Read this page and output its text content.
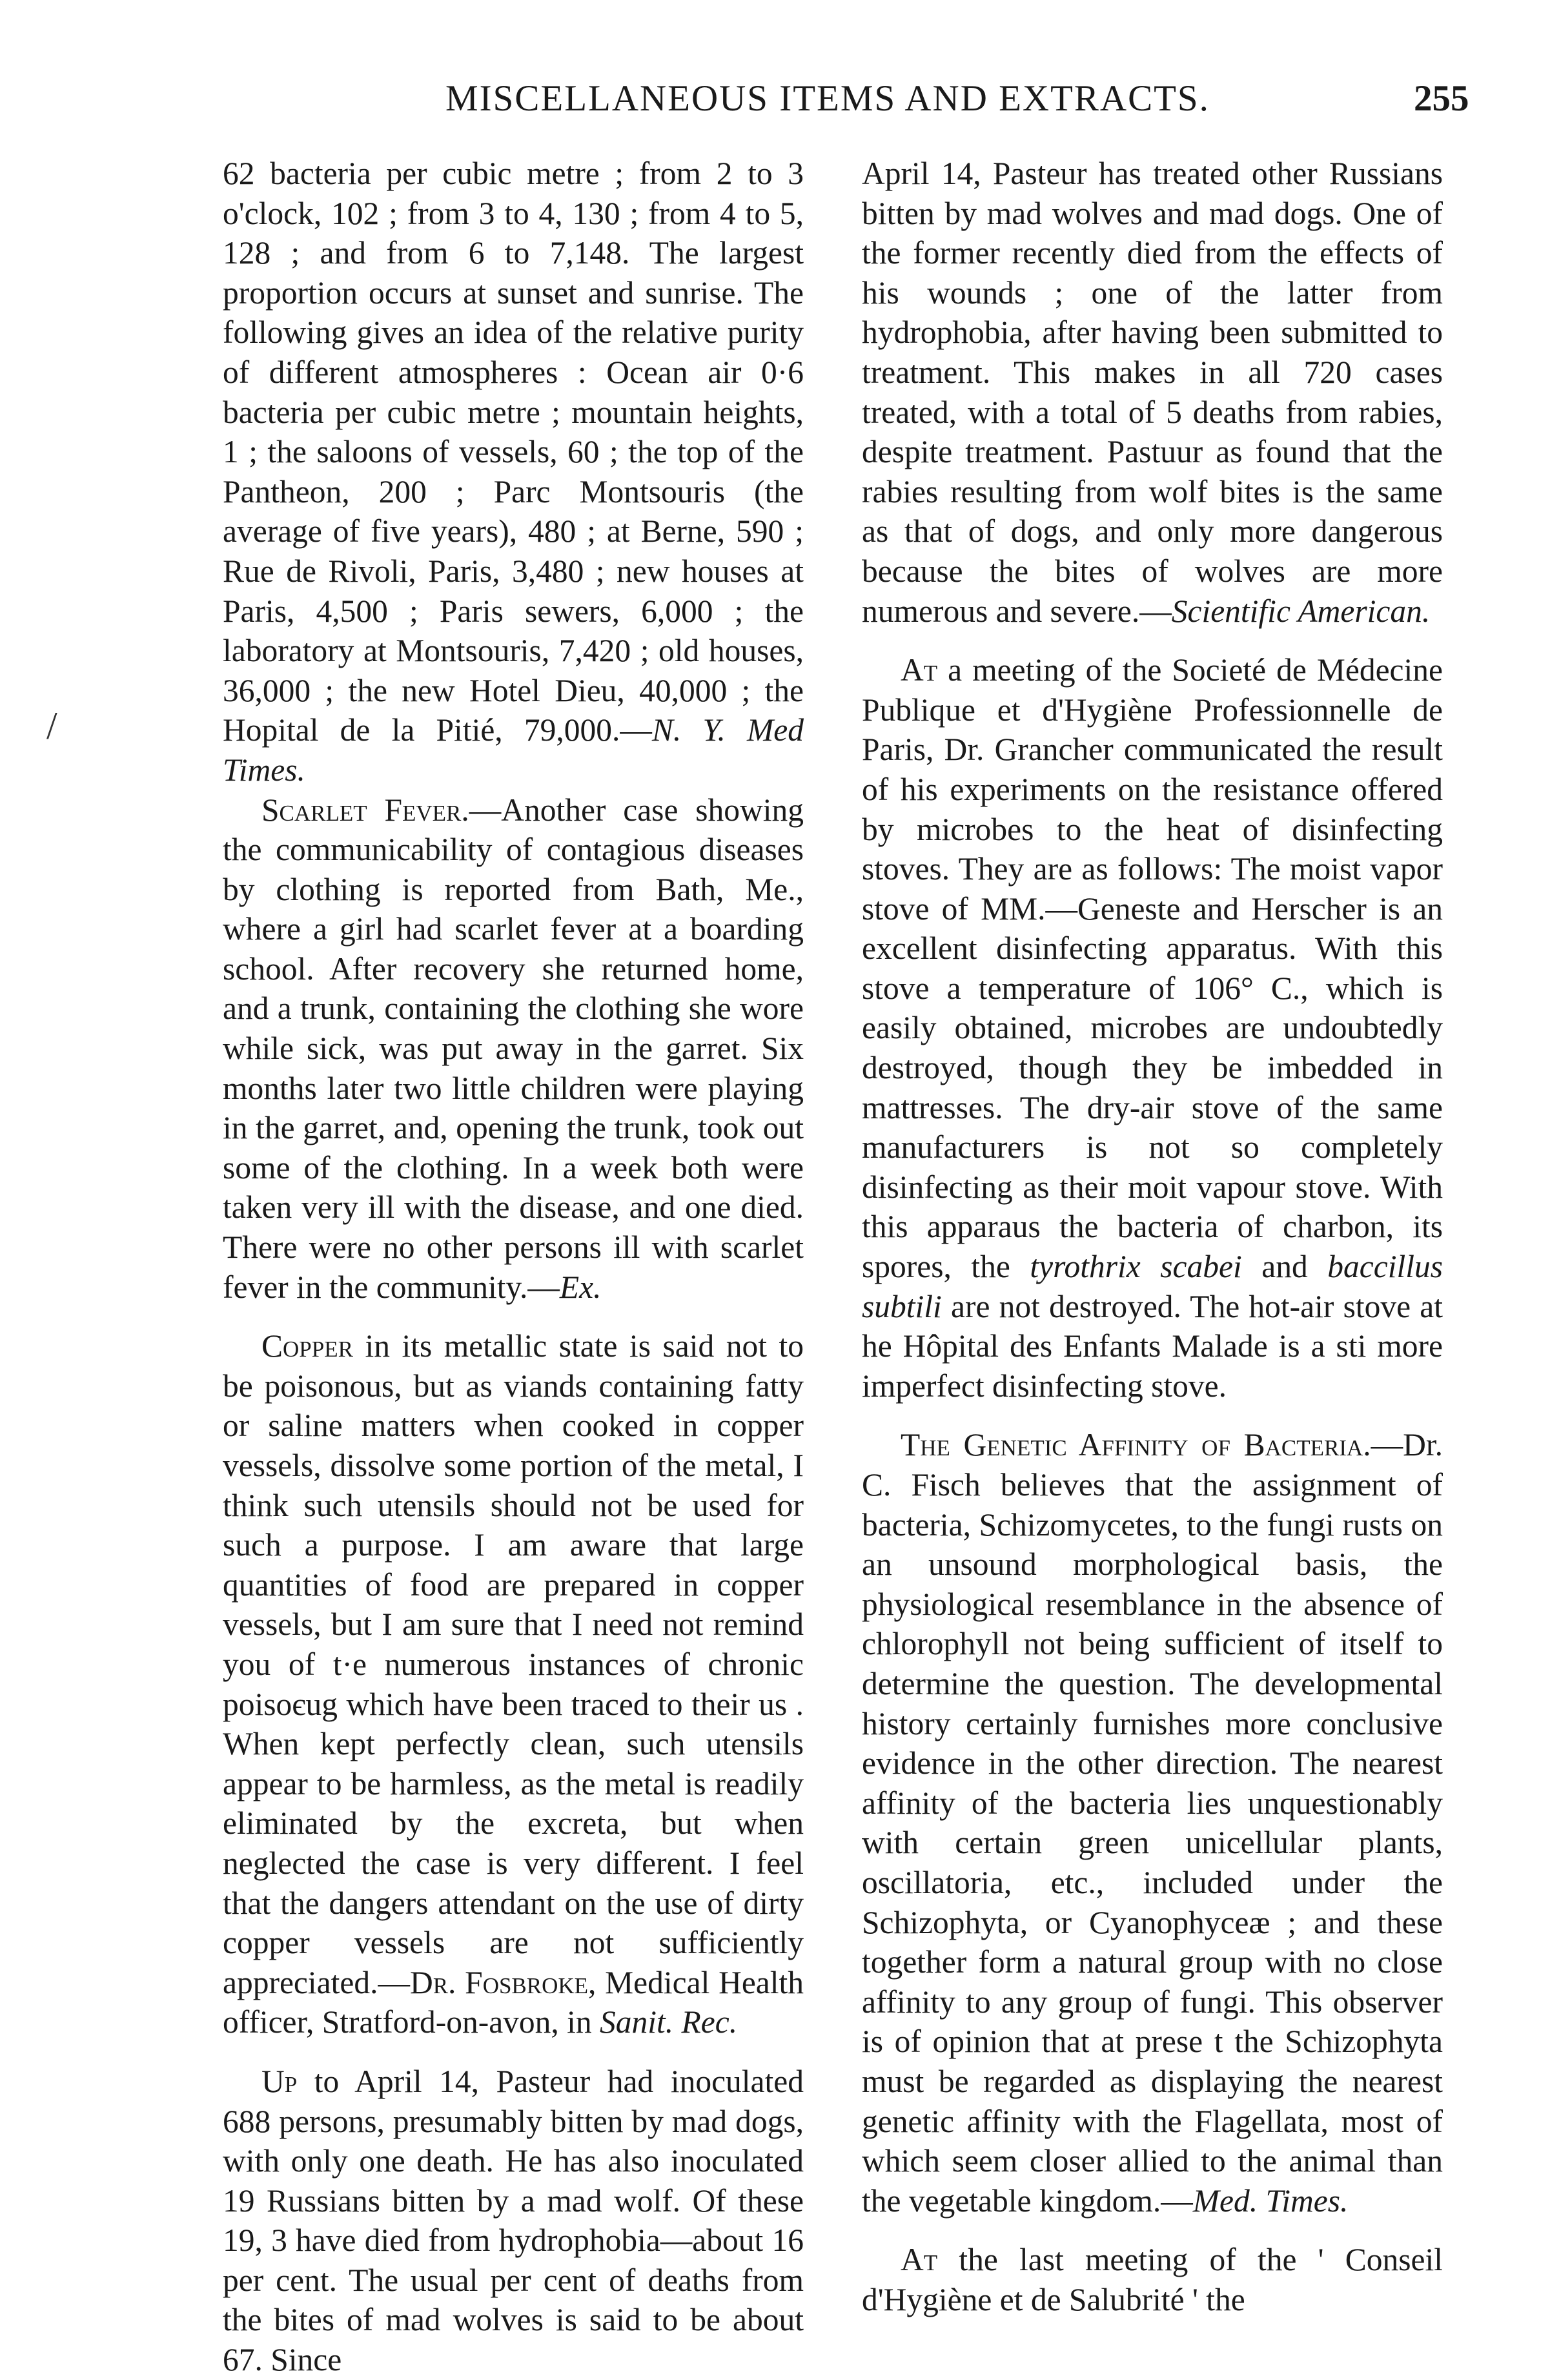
MISCELLANEOUS ITEMS AND EXTRACTS.	255
/

62 bacteria per cubic metre ; from 2 to 3 o'clock, 102 ; from 3 to 4, 130 ; from 4 to 5, 128 ; and from 6 to 7,148. The largest proportion occurs at sunset and sunrise. The following gives an idea of the relative purity of different atmospheres : Ocean air 0·6 bacteria per cubic metre ; mountain heights, 1 ; the saloons of vessels, 60 ; the top of the Pantheon, 200 ; Parc Montsouris (the average of five years), 480 ; at Berne, 590 ; Rue de Rivoli, Paris, 3,480 ; new houses at Paris, 4,500 ; Paris sewers, 6,000 ; the laboratory at Montsouris, 7,420 ; old houses, 36,000 ; the new Hotel Dieu, 40,000 ; the Hopital de la Pitié, 79,000.—N. Y. Med Times.

Scarlet Fever.—Another case showing the communicability of contagious diseases by clothing is reported from Bath, Me., where a girl had scarlet fever at a boarding school. After recovery she returned home, and a trunk, containing the clothing she wore while sick, was put away in the garret. Six months later two little children were playing in the garret, and, opening the trunk, took out some of the clothing. In a week both were taken very ill with the disease, and one died. There were no other persons ill with scarlet fever in the community.—Ex.

Copper in its metallic state is said not to be poisonous, but as viands containing fatty or saline matters when cooked in copper vessels, dissolve some portion of the metal, I think such utensils should not be used for such a purpose. I am aware that large quantities of food are prepared in copper vessels, but I am sure that I need not remind you of t·e numerous instances of chronic poisoєug which have been traced to their us . When kept perfectly clean, such utensils appear to be harmless, as the metal is readily eliminated by the excreta, but when neglected the case is very different. I feel that the dangers attendant on the use of dirty copper vessels are not sufficiently appreciated.—Dr. Fosbroke, Medical Health officer, Stratford-on-avon, in Sanit. Rec.

Up to April 14, Pasteur had inoculated 688 persons, presumably bitten by mad dogs, with only one death. He has also inoculated 19 Russians bitten by a mad wolf. Of these 19, 3 have died from hydrophobia—about 16 per cent. The usual per cent of deaths from the bites of mad wolves is said to be about 67. Since

April 14, Pasteur has treated other Russians bitten by mad wolves and mad dogs. One of the former recently died from the effects of his wounds ; one of the latter from hydrophobia, after having been submitted to treatment. This makes in all 720 cases treated, with a total of 5 deaths from rabies, despite treatment. Pastuur as found that the rabies resulting from wolf bites is the same as that of dogs, and only more dangerous because the bites of wolves are more numerous and severe.—Scientific American.

At a meeting of the Societé de Médecine Publique et d'Hygiène Professionnelle de Paris, Dr. Grancher communicated the result of his experiments on the resistance offered by microbes to the heat of disinfecting stoves. They are as follows: The moist vapor stove of MM.—Geneste and Herscher is an excellent disinfecting apparatus. With this stove a temperature of 106° C., which is easily obtained, microbes are undoubtedly destroyed, though they be imbedded in mattresses. The dry-air stove of the same manufacturers is not so completely disinfecting as their moit vapour stove. With this apparaus the bacteria of charbon, its spores, the tyrothrix scabei and baccillus subtili are not destroyed. The hot-air stove at he Hôpital des Enfants Malade is a sti more imperfect disinfecting stove.

The Genetic Affinity of Bacteria.—Dr. C. Fisch believes that the assignment of bacteria, Schizomycetes, to the fungi rusts on an unsound morphological basis, the physiological resemblance in the absence of chlorophyll not being sufficient of itself to determine the question. The developmental history certainly furnishes more conclusive evidence in the other direction. The nearest affinity of the bacteria lies unquestionably with certain green unicellular plants, oscillatoria, etc., included under the Schizophyta, or Cyanophyceæ ; and these together form a natural group with no close affinity to any group of fungi. This observer is of opinion that at prese t the Schizophyta must be regarded as displaying the nearest genetic affinity with the Flagellata, most of which seem closer allied to the animal than the vegetable kingdom.—Med. Times.

At the last meeting of the ' Conseil d'Hygiène et de Salubrité ' the
